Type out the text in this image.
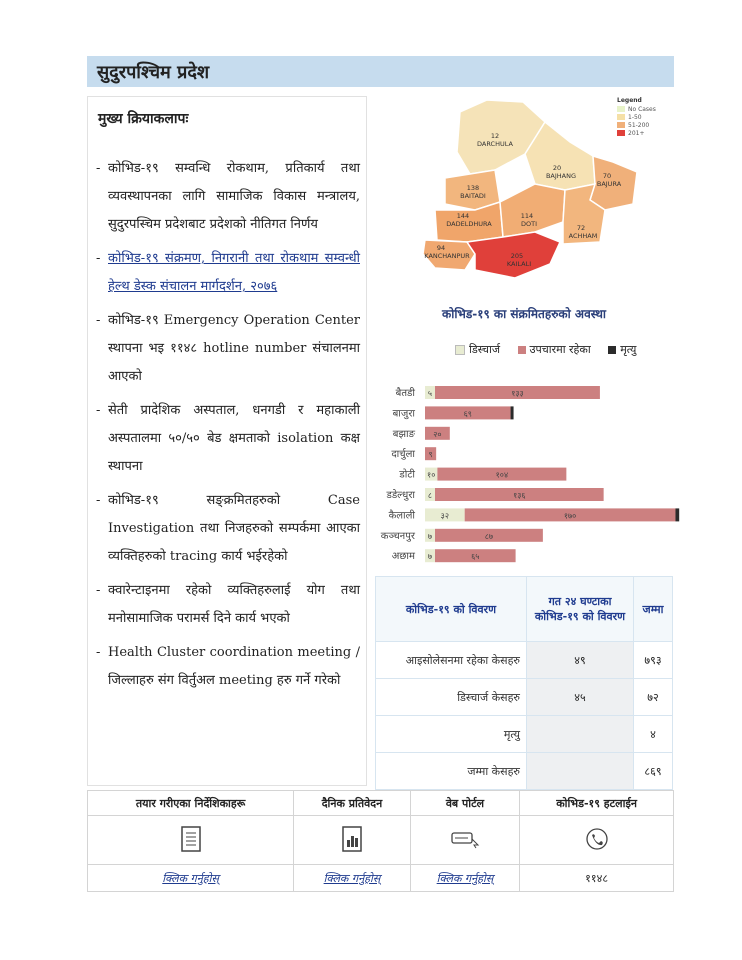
सुदुरपश्चिम प्रदेश
मुख्य क्रियाकलापः
- कोभिड-१९ सम्वन्धि रोकथाम, प्रतिकार्य तथा व्यवस्थापनका लागि सामाजिक विकास मन्त्रालय, सुदुरपस्चिम प्रदेशबाट प्रदेशको नीतिगत निर्णय
- कोभिड-१९ संक्रमण, निगरानी तथा रोकथाम सम्वन्धी हेल्थ डेस्क संचालन मार्गदर्शन, २०७६
- कोभिड-१९ Emergency Operation Center स्थापना भइ ११४८ hotline number संचालनमा आएको
- सेती प्रादेशिक अस्पताल, धनगडी र महाकाली अस्पतालमा ५०/५० बेड क्षमताको isolation कक्ष स्थापना
- कोभिड-१९ सङ्क्रमितहरुको Case Investigation तथा निजहरुको सम्पर्कमा आएका व्यक्तिहरुको tracing कार्य भईरहेको
- क्वारेन्टाइनमा रहेको व्यक्तिहरुलाई योग तथा मनोसामाजिक परामर्स दिने कार्य भएको
- Health Cluster coordination meeting / जिल्लाहरु संग विर्तुअल meeting हरु गर्ने गरेको
12
DARCHULA
20
BAJHANG	70
BAJURA
138
BAITADI
144
DADELDHURA
114
DOTI	72
ACHHAM
94
KANCHANPUR	205
KAILALI
Legend
No Cases
1-50
51-200
201+
कोभिड-१९ का संक्रमितहरुको अवस्था
डिस्चार्ज	उपचारमा रहेका	मृत्यु
बैतडी ५	१३३
बाजुरा	६९
बझाङ २०
दार्चुला ९
डोटी १०	१०४
डडेल्धुरा ८	१३६
कैलाली	३२	१७०
कञ्चनपुर ७	८७
अछाम ७	६५
कोभिड-१९ को विवरण	गत २४ घण्टाका कोभिड-१९ को विवरण	जम्मा
आइसोलेसनमा रहेका केसहरु	४९	७९३
डिस्चार्ज केसहरु	४५	७२
मृत्यु		४
जम्मा केसहरु		८६९
तयार गरीएका निर्देशिकाहरू	दैनिक प्रतिवेदन	वेब पोर्टल	कोभिड-१९ हटलाईन

क्लिक गर्नुहोस्	क्लिक गर्नुहोस्	क्लिक गर्नुहोस्	११४८
